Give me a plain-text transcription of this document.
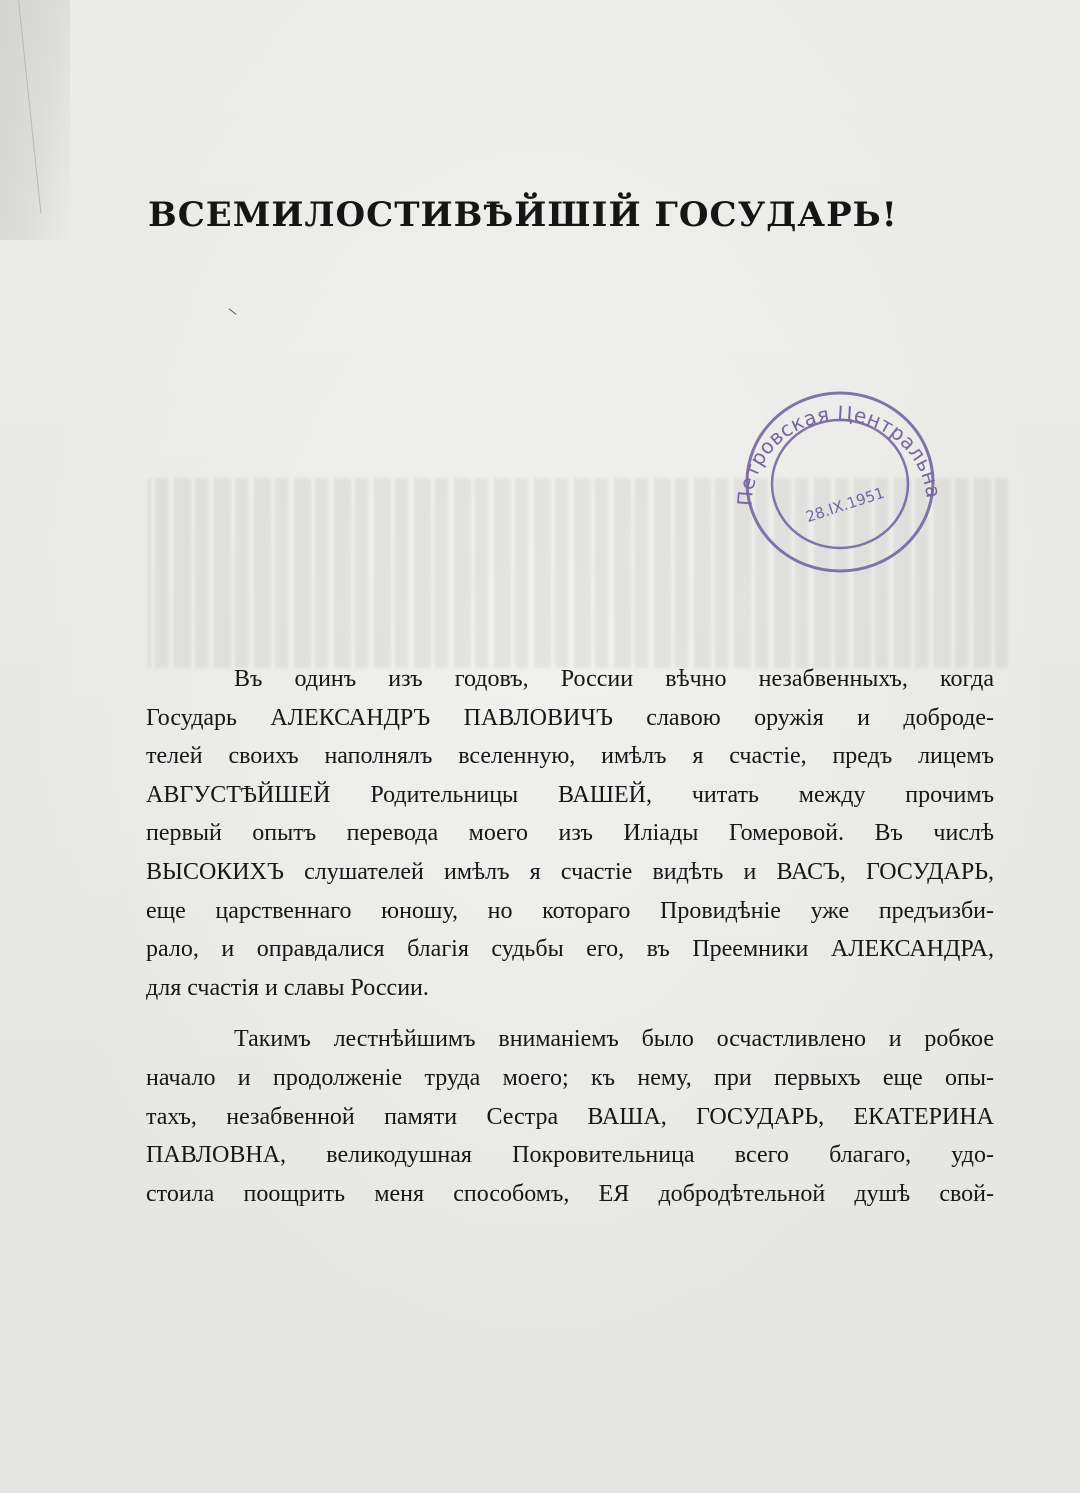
ВСЕМИЛОСТИВѢЙШІЙ ГОСУДАРЬ!
Петровская Центральная Сов. Библ.
28.IX.1951

Въ одинъ изъ годовъ, России вѣчно незабвенныхъ, когда
Государь АЛЕКСАНДРЪ ПАВЛОВИЧЪ славою оружія и доброде-
телей своихъ наполнялъ вселенную, имѣлъ я счастіе, предъ лицемъ
АВГУСТѢЙШЕЙ Родительницы ВАШЕЙ, читать между прочимъ
первый опытъ перевода моего изъ Иліады Гомеровой. Въ числѣ
ВЫСОКИХЪ слушателей имѣлъ я счастіе видѣть и ВАСЪ, ГОСУДАРЬ,
еще царственнаго юношу, но котораго Провидѣніе уже предъизби-
рало, и оправдалися благія судьбы его, въ Преемники АЛЕКСАНДРА,
для счастія и славы России.

Такимъ лестнѣйшимъ вниманіемъ было осчастливлено и робкое
начало и продолженіе труда моего; къ нему, при первыхъ еще опы-
тахъ, незабвенной памяти Сестра ВАША, ГОСУДАРЬ, ЕКАТЕРИНА
ПАВЛОВНА, великодушная Покровительница всего благаго, удо-
стоила поощрить меня способомъ, ЕЯ добродѣтельной душѣ свой-
